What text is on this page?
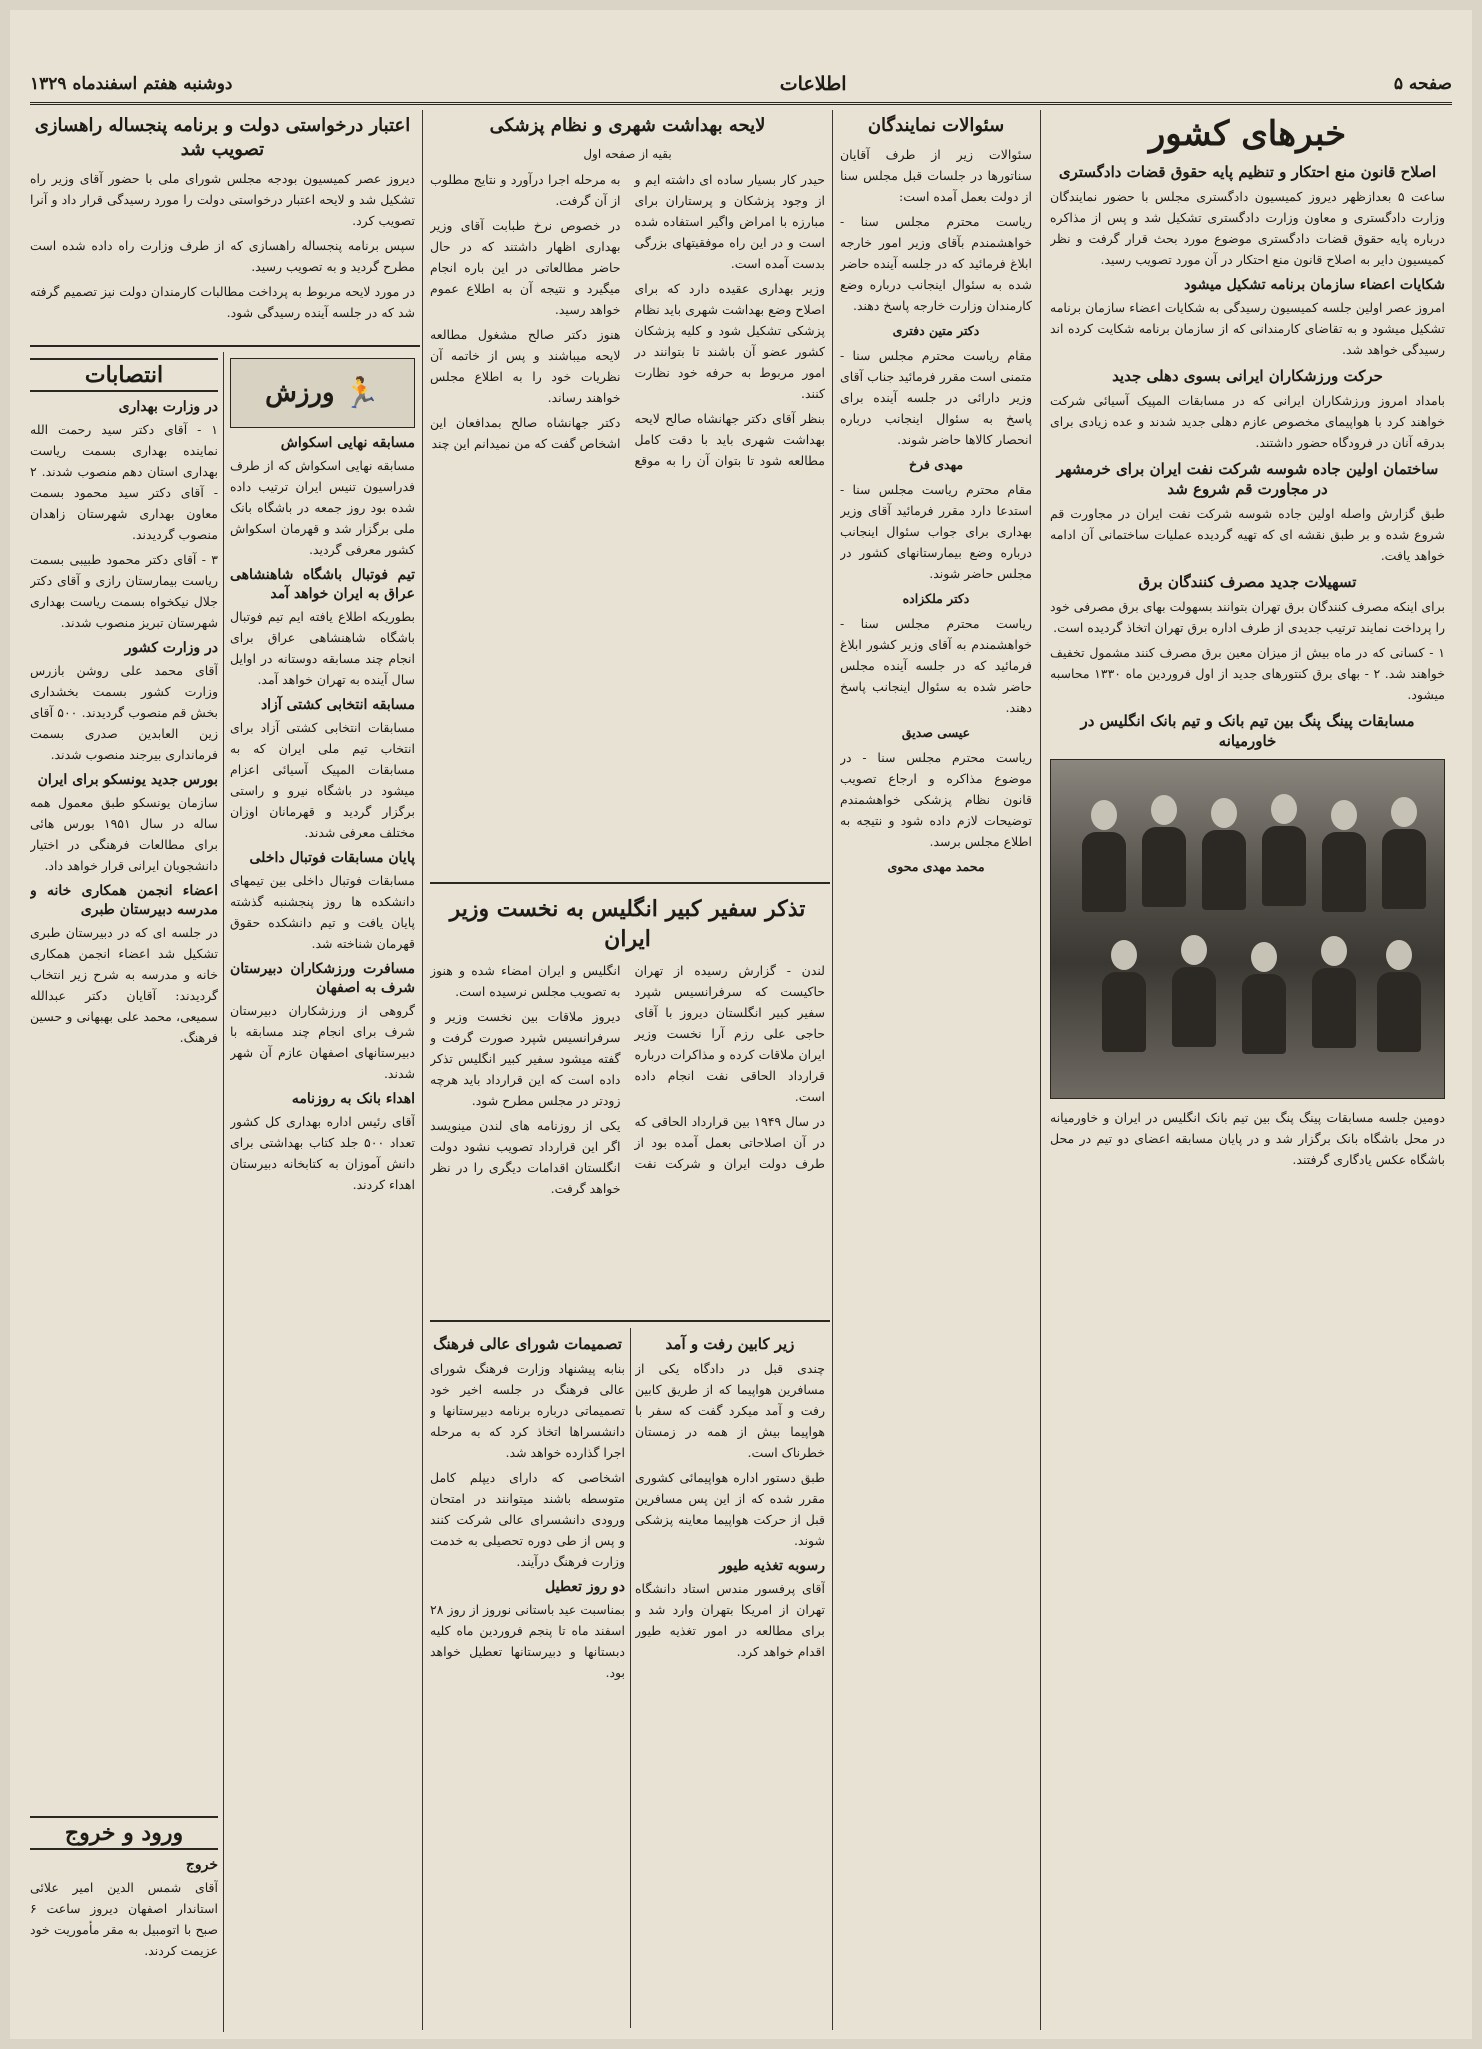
صفحه ۵
اطلاعات
دوشنبه هفتم اسفندماه ۱۳۲۹
خبرهای کشور
اصلاح قانون منع احتکار و تنظیم پایه حقوق قضات دادگستری

ساعت ۵ بعدازظهر دیروز کمیسیون دادگستری مجلس با حضور نمایندگان وزارت دادگستری و معاون وزارت دادگستری تشکیل شد و پس از مذاکره درباره پایه حقوق قضات دادگستری موضوع مورد بحث قرار گرفت و نظر کمیسیون دایر به اصلاح قانون منع احتکار در آن مورد تصویب رسید.

شکایات اعضاء سازمان برنامه تشکیل میشود

امروز عصر اولین جلسه کمیسیون رسیدگی به شکایات اعضاء سازمان برنامه تشکیل میشود و به تقاضای کارمندانی که از سازمان برنامه شکایت کرده اند رسیدگی خواهد شد.

حرکت ورزشکاران ایرانی بسوی دهلی جدید

بامداد امروز ورزشکاران ایرانی که در مسابقات المپیک آسیائی شرکت خواهند کرد با هواپیمای مخصوص عازم دهلی جدید شدند و عده زیادی برای بدرقه آنان در فرودگاه حضور داشتند.

ساختمان اولین جاده شوسه شرکت نفت ایران برای خرمشهر در مجاورت قم شروع شد

طبق گزارش واصله اولین جاده شوسه شرکت نفت ایران در مجاورت قم شروع شده و بر طبق نقشه ای که تهیه گردیده عملیات ساختمانی آن ادامه خواهد یافت.

تسهیلات جدید مصرف کنندگان برق

برای اینکه مصرف کنندگان برق تهران بتوانند بسهولت بهای برق مصرفی خود را پرداخت نمایند ترتیب جدیدی از طرف اداره برق تهران اتخاذ گردیده است.

۱ - کسانی که در ماه بیش از میزان معین برق مصرف کنند مشمول تخفیف خواهند شد. ۲ - بهای برق کنتورهای جدید از اول فروردین ماه ۱۳۳۰ محاسبه میشود.

مسابقات پینگ پنگ بین تیم بانک و تیم بانک انگلیس در خاورمیانه

دومین جلسه مسابقات پینگ پنگ بین تیم بانک انگلیس در ایران و خاورمیانه در محل باشگاه بانک برگزار شد و در پایان مسابقه اعضای دو تیم در محل باشگاه عکس یادگاری گرفتند.

سئوالات نمایندگان

سئوالات زیر از طرف آقایان سناتورها در جلسات قبل مجلس سنا از دولت بعمل آمده است:

ریاست محترم مجلس سنا - خواهشمندم بآقای وزیر امور خارجه ابلاغ فرمائید که در جلسه آینده حاضر شده به سئوال اینجانب درباره وضع کارمندان وزارت خارجه پاسخ دهند.

دکتر متین دفتری

مقام ریاست محترم مجلس سنا - متمنی است مقرر فرمائید جناب آقای وزیر دارائی در جلسه آینده برای پاسخ به سئوال اینجانب درباره انحصار کالاها حاضر شوند.

مهدی فرخ

مقام محترم ریاست مجلس سنا - استدعا دارد مقرر فرمائید آقای وزیر بهداری برای جواب سئوال اینجانب درباره وضع بیمارستانهای کشور در مجلس حاضر شوند.

دکتر ملکزاده

ریاست محترم مجلس سنا - خواهشمندم به آقای وزیر کشور ابلاغ فرمائید که در جلسه آینده مجلس حاضر شده به سئوال اینجانب پاسخ دهند.

عیسی صدیق

ریاست محترم مجلس سنا - در موضوع مذاکره و ارجاع تصویب قانون نظام پزشکی خواهشمندم توضیحات لازم داده شود و نتیجه به اطلاع مجلس برسد.

محمد مهدی محوی
لایحه بهداشت شهری و نظام پزشکی
بقیه از صفحه اول

حیدر کار بسیار ساده ای داشته ایم و از وجود پزشکان و پرستاران برای مبارزه با امراض واگیر استفاده شده است و در این راه موفقیتهای بزرگی بدست آمده است.

وزیر بهداری عقیده دارد که برای اصلاح وضع بهداشت شهری باید نظام پزشکی تشکیل شود و کلیه پزشکان کشور عضو آن باشند تا بتوانند در امور مربوط به حرفه خود نظارت کنند.

بنظر آقای دکتر جهانشاه صالح لایحه بهداشت شهری باید با دقت کامل مطالعه شود تا بتوان آن را به موقع به مرحله اجرا درآورد و نتایج مطلوب از آن گرفت.

در خصوص نرخ طبابت آقای وزیر بهداری اظهار داشتند که در حال حاضر مطالعاتی در این باره انجام میگیرد و نتیجه آن به اطلاع عموم خواهد رسید.

هنوز دکتر صالح مشغول مطالعه لایحه میباشند و پس از خاتمه آن نظریات خود را به اطلاع مجلس خواهند رساند.

دکتر جهانشاه صالح بمدافعان این اشخاص گفت که من نمیدانم این چند

تذکر سفیر کبیر انگلیس به نخست وزیر ایران

لندن - گزارش رسیده از تهران حاکیست که سرفرانسیس شپرد سفیر کبیر انگلستان دیروز با آقای حاجی علی رزم آرا نخست وزیر ایران ملاقات کرده و مذاکرات درباره قرارداد الحاقی نفت انجام داده است.

در سال ۱۹۴۹ بین قرارداد الحاقی که در آن اصلاحاتی بعمل آمده بود از طرف دولت ایران و شرکت نفت انگلیس و ایران امضاء شده و هنوز به تصویب مجلس نرسیده است.

دیروز ملاقات بین نخست وزیر و سرفرانسیس شپرد صورت گرفت و گفته میشود سفیر کبیر انگلیس تذکر داده است که این قرارداد باید هرچه زودتر در مجلس مطرح شود.

یکی از روزنامه های لندن مینویسد اگر این قرارداد تصویب نشود دولت انگلستان اقدامات دیگری را در نظر خواهد گرفت.

تصمیمات شورای عالی فرهنگ

بنابه پیشنهاد وزارت فرهنگ شورای عالی فرهنگ در جلسه اخیر خود تصمیماتی درباره برنامه دبیرستانها و دانشسراها اتخاذ کرد که به مرحله اجرا گذارده خواهد شد.

اشخاصی که دارای دیپلم کامل متوسطه باشند میتوانند در امتحان ورودی دانشسرای عالی شرکت کنند و پس از طی دوره تحصیلی به خدمت وزارت فرهنگ درآیند.

دو روز تعطیل

بمناسبت عید باستانی نوروز از روز ۲۸ اسفند ماه تا پنجم فروردین ماه کلیه دبستانها و دبیرستانها تعطیل خواهد بود.

زیر کابین رفت و آمد

چندی قبل در دادگاه یکی از مسافرین هواپیما که از طریق کابین رفت و آمد میکرد گفت که سفر با هواپیما بیش از همه در زمستان خطرناک است.

طبق دستور اداره هواپیمائی کشوری مقرر شده که از این پس مسافرین قبل از حرکت هواپیما معاینه پزشکی شوند.

رسوبه تغذیه طیور

آقای پرفسور مندس استاد دانشگاه تهران از امریکا بتهران وارد شد و برای مطالعه در امور تغذیه طیور اقدام خواهد کرد.

اعتبار درخواستی دولت و برنامه پنجساله راهسازی تصویب شد

دیروز عصر کمیسیون بودجه مجلس شورای ملی با حضور آقای وزیر راه تشکیل شد و لایحه اعتبار درخواستی دولت را مورد رسیدگی قرار داد و آنرا تصویب کرد.

سپس برنامه پنجساله راهسازی که از طرف وزارت راه داده شده است مطرح گردید و به تصویب رسید.

در مورد لایحه مربوط به پرداخت مطالبات کارمندان دولت نیز تصمیم گرفته شد که در جلسه آینده رسیدگی شود.

🏃
ورزش
مسابقه نهایی اسکواش

مسابقه نهایی اسکواش که از طرف فدراسیون تنیس ایران ترتیب داده شده بود روز جمعه در باشگاه بانک ملی برگزار شد و قهرمان اسکواش کشور معرفی گردید.

تیم فوتبال باشگاه شاهنشاهی عراق به ایران خواهد آمد

بطوریکه اطلاع یافته ایم تیم فوتبال باشگاه شاهنشاهی عراق برای انجام چند مسابقه دوستانه در اوایل سال آینده به تهران خواهد آمد.

مسابقه انتخابی کشتی آزاد

مسابقات انتخابی کشتی آزاد برای انتخاب تیم ملی ایران که به مسابقات المپیک آسیائی اعزام میشود در باشگاه نیرو و راستی برگزار گردید و قهرمانان اوزان مختلف معرفی شدند.

پایان مسابقات فوتبال داخلی

مسابقات فوتبال داخلی بین تیمهای دانشکده ها روز پنجشنبه گذشته پایان یافت و تیم دانشکده حقوق قهرمان شناخته شد.

مسافرت ورزشکاران دبیرستان شرف به اصفهان

گروهی از ورزشکاران دبیرستان شرف برای انجام چند مسابقه با دبیرستانهای اصفهان عازم آن شهر شدند.

اهداء بانک به روزنامه

آقای رئیس اداره بهداری کل کشور تعداد ۵۰۰ جلد کتاب بهداشتی برای دانش آموزان به کتابخانه دبیرستان اهداء کردند.

انتصابات
در وزارت بهداری

۱ - آقای دکتر سید رحمت الله نماینده بهداری بسمت ریاست بهداری استان دهم منصوب شدند. ۲ - آقای دکتر سید محمود بسمت معاون بهداری شهرستان زاهدان منصوب گردیدند.

۳ - آقای دکتر محمود طبیبی بسمت ریاست بیمارستان رازی و آقای دکتر جلال نیکخواه بسمت ریاست بهداری شهرستان تبریز منصوب شدند.

در وزارت کشور

آقای محمد علی روشن بازرس وزارت کشور بسمت بخشداری بخش قم منصوب گردیدند. ۵۰۰ آقای زین العابدین صدری بسمت فرمانداری بیرجند منصوب شدند.

بورس جدید یونسکو برای ایران

سازمان یونسکو طبق معمول همه ساله در سال ۱۹۵۱ بورس هائی برای مطالعات فرهنگی در اختیار دانشجویان ایرانی قرار خواهد داد.

اعضاء انجمن همکاری خانه و مدرسه دبیرستان طبری

در جلسه ای که در دبیرستان طبری تشکیل شد اعضاء انجمن همکاری خانه و مدرسه به شرح زیر انتخاب گردیدند: آقایان دکتر عبدالله سمیعی، محمد علی بهبهانی و حسین فرهنگ.

ورود و خروج
خروج

آقای شمس الدین امیر علائی استاندار اصفهان دیروز ساعت ۶ صبح با اتومبیل به مقر مأموریت خود عزیمت کردند.
